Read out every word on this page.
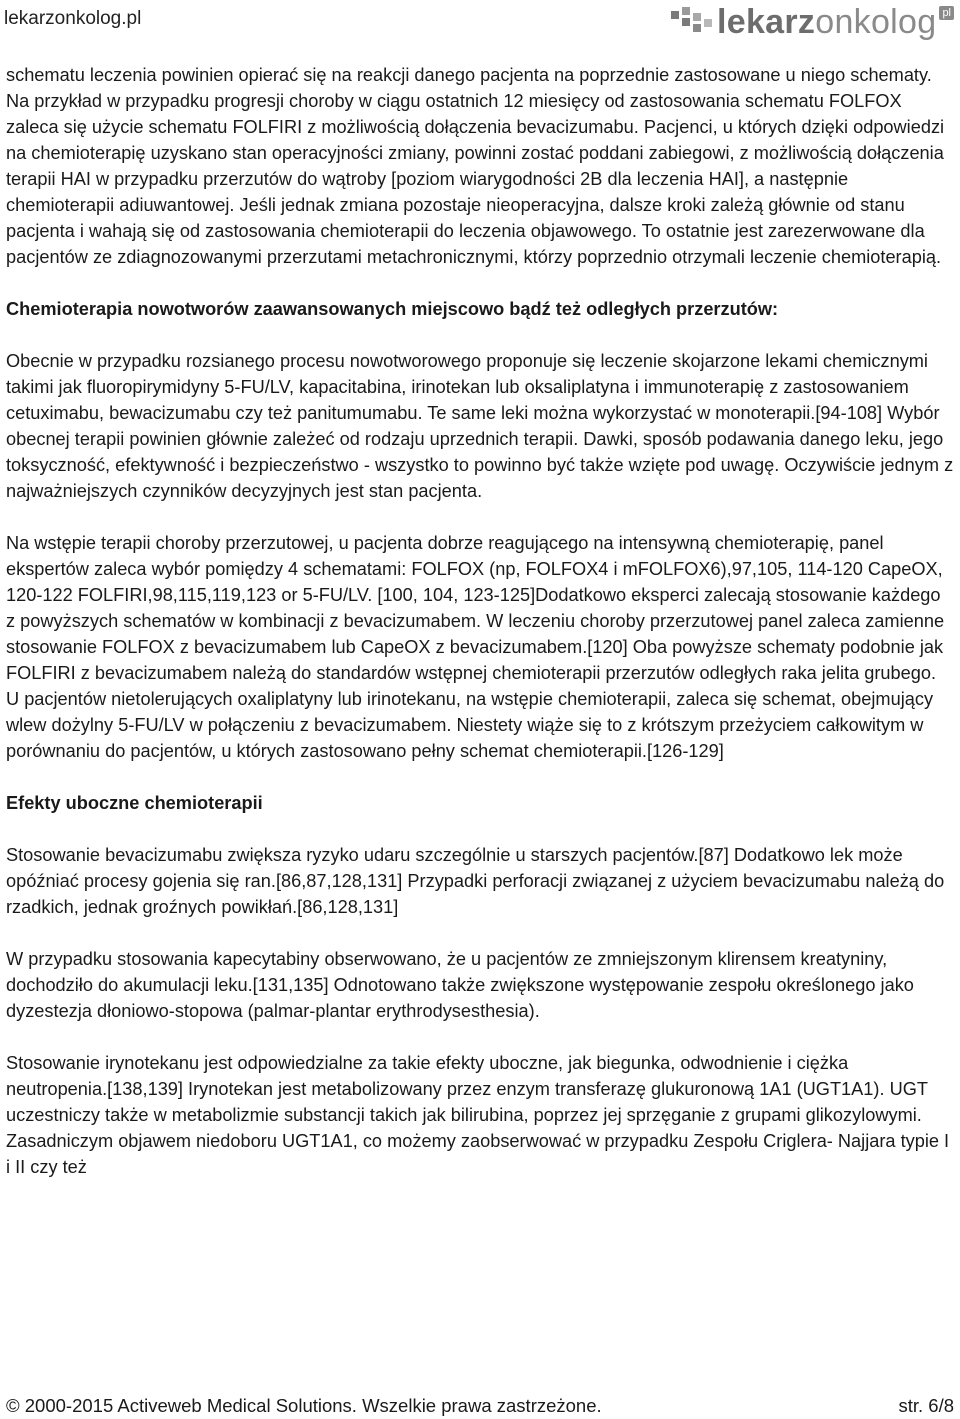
lekarzonkolog.pl	lekarzonkolog pl

schematu leczenia powinien opierać się na reakcji danego pacjenta na poprzednie zastosowane u niego schematy. Na przykład w przypadku progresji choroby w ciągu ostatnich 12 miesięcy od zastosowania schematu FOLFOX zaleca się użycie schematu FOLFIRI z możliwością dołączenia bevacizumabu. Pacjenci, u których dzięki odpowiedzi na chemioterapię uzyskano stan operacyjności zmiany, powinni zostać poddani zabiegowi, z możliwością dołączenia terapii HAI w przypadku przerzutów do wątroby [poziom wiarygodności 2B dla leczenia HAI], a następnie chemioterapii adiuwantowej. Jeśli jednak zmiana pozostaje nieoperacyjna, dalsze kroki zależą głównie od stanu pacjenta i wahają się od zastosowania chemioterapii do leczenia objawowego. To ostatnie jest zarezerwowane dla pacjentów ze zdiagnozowanymi przerzutami metachronicznymi, którzy poprzednio otrzymali leczenie chemioterapią.

Chemioterapia nowotworów zaawansowanych miejscowo bądź też odległych przerzutów:

Obecnie w przypadku rozsianego procesu nowotworowego proponuje się leczenie skojarzone lekami chemicznymi takimi jak fluoropirymidyny 5-FU/LV, kapacitabina, irinotekan lub oksaliplatyna i immunoterapię z zastosowaniem cetuximabu, bewacizumabu czy też panitumumabu. Te same leki można wykorzystać w monoterapii.[94-108] Wybór obecnej terapii powinien głównie zależeć od rodzaju uprzednich terapii. Dawki, sposób podawania danego leku, jego toksyczność, efektywność i bezpieczeństwo - wszystko to powinno być także wzięte pod uwagę. Oczywiście jednym z najważniejszych czynników decyzyjnych jest stan pacjenta.

Na wstępie terapii choroby przerzutowej, u pacjenta dobrze reagującego na intensywną chemioterapię, panel ekspertów zaleca wybór pomiędzy 4 schematami: FOLFOX (np, FOLFOX4 i mFOLFOX6),97,105, 114-120 CapeOX, 120-122 FOLFIRI,98,115,119,123 or 5-FU/LV. [100, 104, 123-125]Dodatkowo eksperci zalecają stosowanie każdego z powyższych schematów w kombinacji z bevacizumabem. W leczeniu choroby przerzutowej panel zaleca zamienne stosowanie FOLFOX z bevacizumabem lub CapeOX z bevacizumabem.[120] Oba powyższe schematy podobnie jak FOLFIRI z bevacizumabem należą do standardów wstępnej chemioterapii przerzutów odległych raka jelita grubego. U pacjentów nietolerujących oxaliplatyny lub irinotekanu, na wstępie chemioterapii, zaleca się schemat, obejmujący wlew dożylny 5-FU/LV w połączeniu z bevacizumabem. Niestety wiąże się to z krótszym przeżyciem całkowitym w porównaniu do pacjentów, u których zastosowano pełny schemat chemioterapii.[126-129]

Efekty uboczne chemioterapii

Stosowanie bevacizumabu zwiększa ryzyko udaru szczególnie u starszych pacjentów.[87] Dodatkowo lek może opóźniać procesy gojenia się ran.[86,87,128,131] Przypadki perforacji związanej z użyciem bevacizumabu należą do rzadkich, jednak groźnych powikłań.[86,128,131]

W przypadku stosowania kapecytabiny obserwowano, że u pacjentów ze zmniejszonym klirensem kreatyniny, dochodziło do akumulacji leku.[131,135] Odnotowano także zwiększone występowanie zespołu określonego jako dyzestezja dłoniowo-stopowa (palmar-plantar erythrodysesthesia).

Stosowanie irynotekanu jest odpowiedzialne za takie efekty uboczne, jak biegunka, odwodnienie i ciężka neutropenia.[138,139] Irynotekan jest metabolizowany przez enzym transferazę glukuronową 1A1 (UGT1A1). UGT uczestniczy także w metabolizmie substancji takich jak bilirubina, poprzez jej sprzęganie z grupami glikozylowymi. Zasadniczym objawem niedoboru UGT1A1, co możemy zaobserwować w przypadku Zespołu Criglera- Najjara typie I i II czy też

© 2000-2015 Activeweb Medical Solutions. Wszelkie prawa zastrzeżone.	str. 6/8
